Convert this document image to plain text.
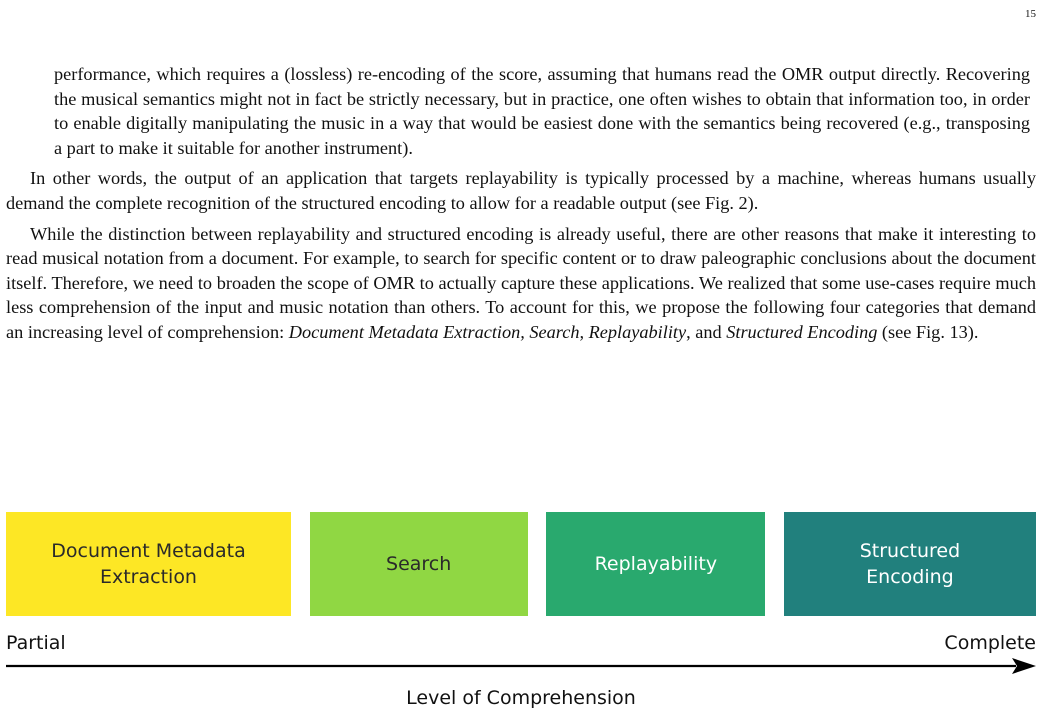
15

performance, which requires a (lossless) re-encoding of the score, assuming that humans read the OMR output directly. Recovering the musical semantics might not in fact be strictly necessary, but in practice, one often wishes to obtain that information too, in order to enable digitally manipulating the music in a way that would be easiest done with the semantics being recovered (e.g., transposing a part to make it suitable for another instrument).

In other words, the output of an application that targets replayability is typically processed by a machine, whereas humans usually demand the complete recognition of the structured encoding to allow for a readable output (see Fig. 2).

While the distinction between replayability and structured encoding is already useful, there are other reasons that make it interesting to read musical notation from a document. For example, to search for specific content or to draw paleographic conclusions about the document itself. Therefore, we need to broaden the scope of OMR to actually capture these applications. We realized that some use-cases require much less comprehension of the input and music notation than others. To account for this, we propose the following four categories that demand an increasing level of comprehension: Document Metadata Extraction, Search, Replayability, and Structured Encoding (see Fig. 13).

Document Metadata
Extraction
Search	Replayability
Structured
Encoding
Partial	Complete
Level of Comprehension
